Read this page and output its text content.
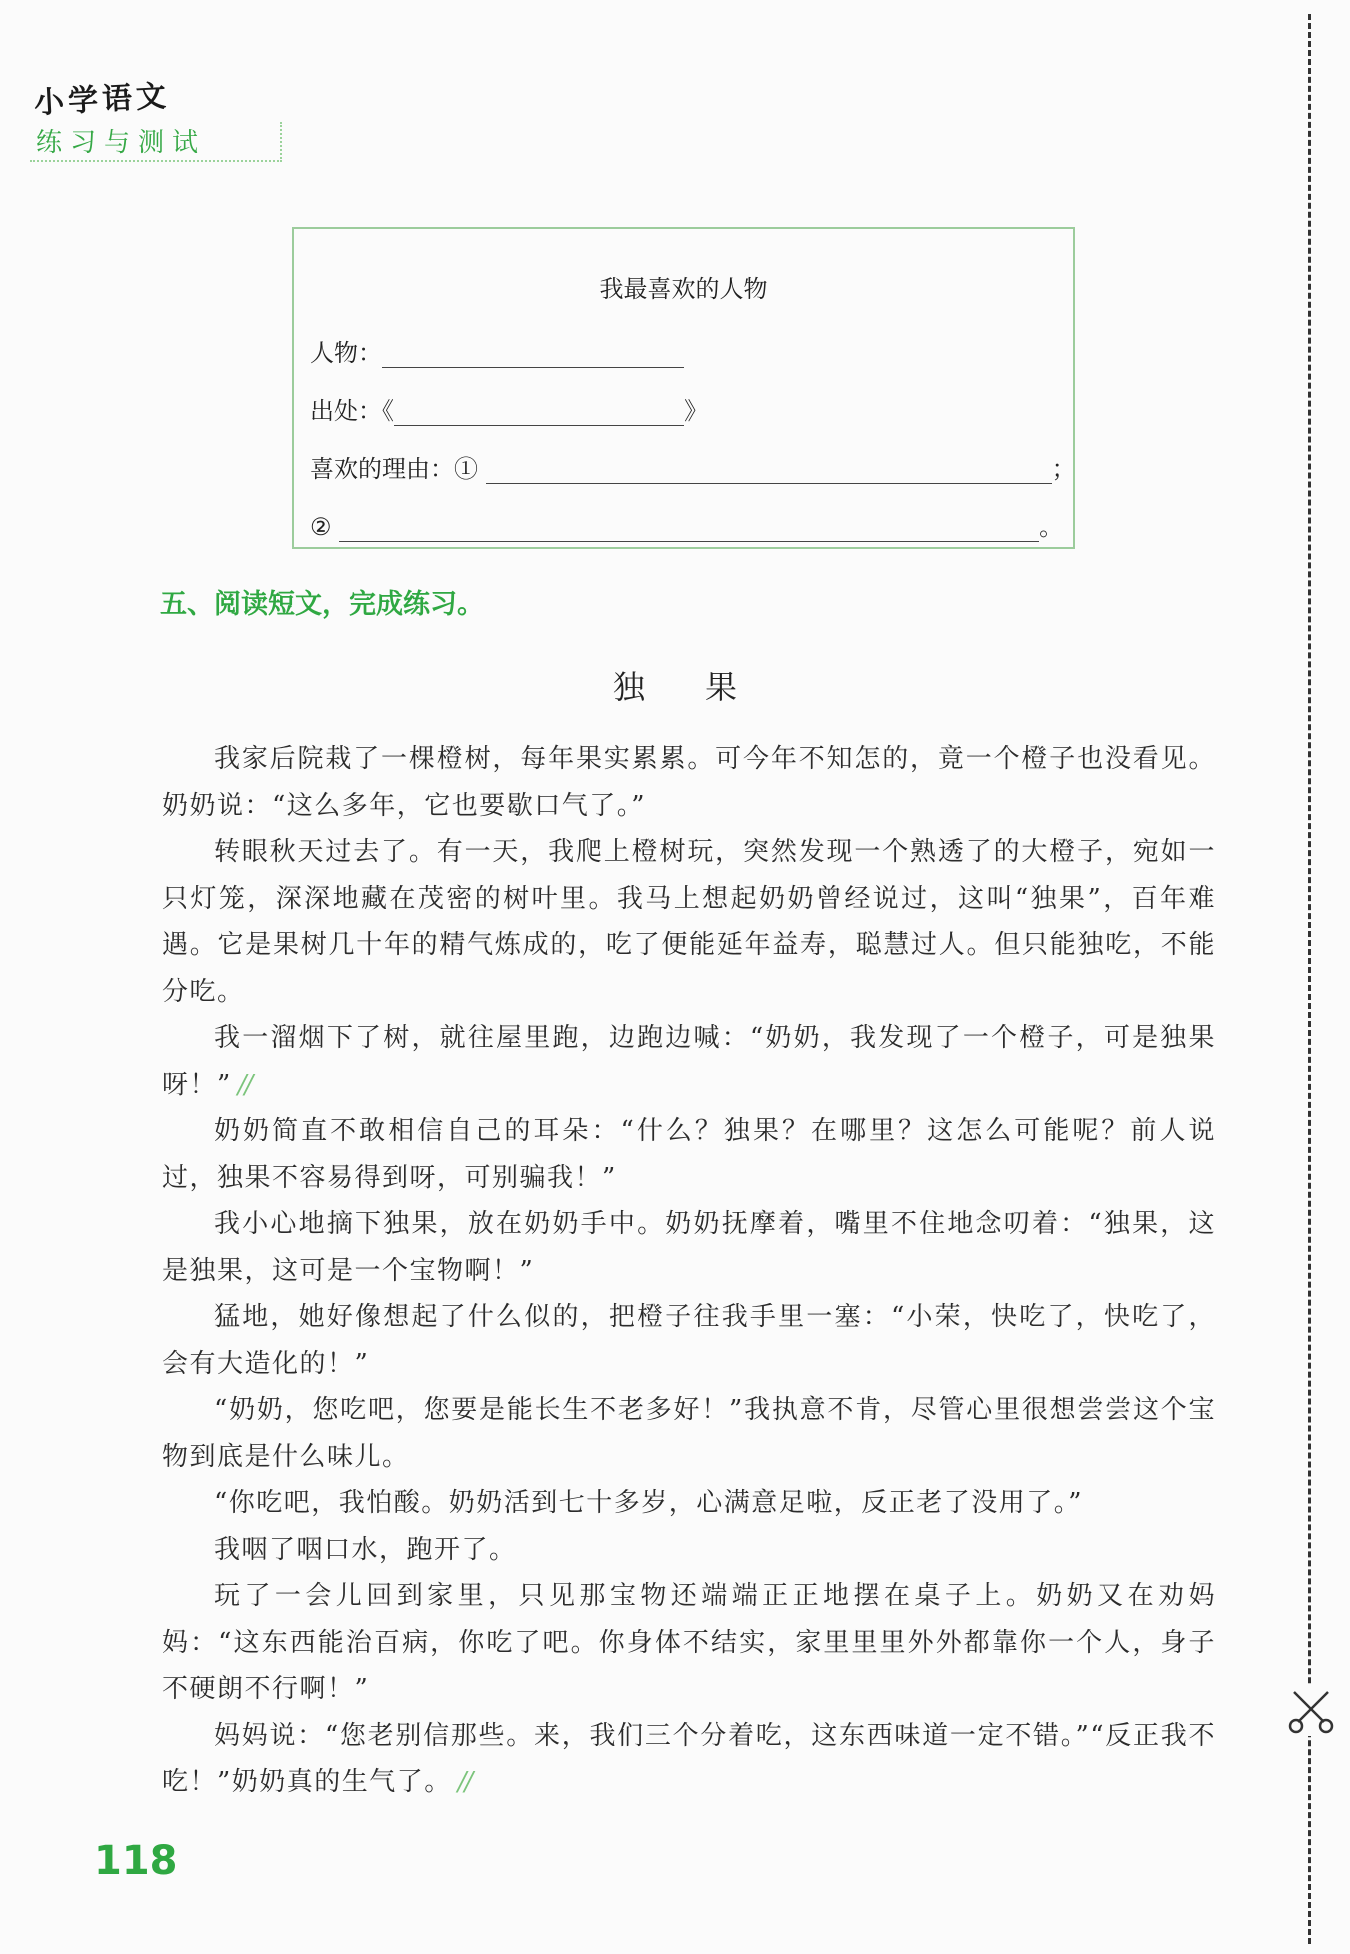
小学语文
练习与测试
我最喜欢的人物
人物：
出处：《	》
喜欢的理由：①	；
②	。
五、阅读短文，完成练习。
独果

我家后院栽了一棵橙树，每年果实累累。可今年不知怎的，竟一个橙子也没看见。奶奶说：“这么多年，它也要歇口气了。”

转眼秋天过去了。有一天，我爬上橙树玩，突然发现一个熟透了的大橙子，宛如一只灯笼，深深地藏在茂密的树叶里。我马上想起奶奶曾经说过，这叫“独果”，百年难遇。它是果树几十年的精气炼成的，吃了便能延年益寿，聪慧过人。但只能独吃，不能分吃。

我一溜烟下了树，就往屋里跑，边跑边喊：“奶奶，我发现了一个橙子，可是独果呀！” //

奶奶简直不敢相信自己的耳朵：“什么？独果？在哪里？这怎么可能呢？前人说过，独果不容易得到呀，可别骗我！”

我小心地摘下独果，放在奶奶手中。奶奶抚摩着，嘴里不住地念叨着：“独果，这是独果，这可是一个宝物啊！”

猛地，她好像想起了什么似的，把橙子往我手里一塞：“小荣，快吃了，快吃了，会有大造化的！”

“奶奶，您吃吧，您要是能长生不老多好！”我执意不肯，尽管心里很想尝尝这个宝物到底是什么味儿。

“你吃吧，我怕酸。奶奶活到七十多岁，心满意足啦，反正老了没用了。”

我咽了咽口水，跑开了。

玩了一会儿回到家里，只见那宝物还端端正正地摆在桌子上。奶奶又在劝妈妈：“这东西能治百病，你吃了吧。你身体不结实，家里里里外外都靠你一个人，身子不硬朗不行啊！”

妈妈说：“您老别信那些。来，我们三个分着吃，这东西味道一定不错。”“反正我不吃！”奶奶真的生气了。 //

118
